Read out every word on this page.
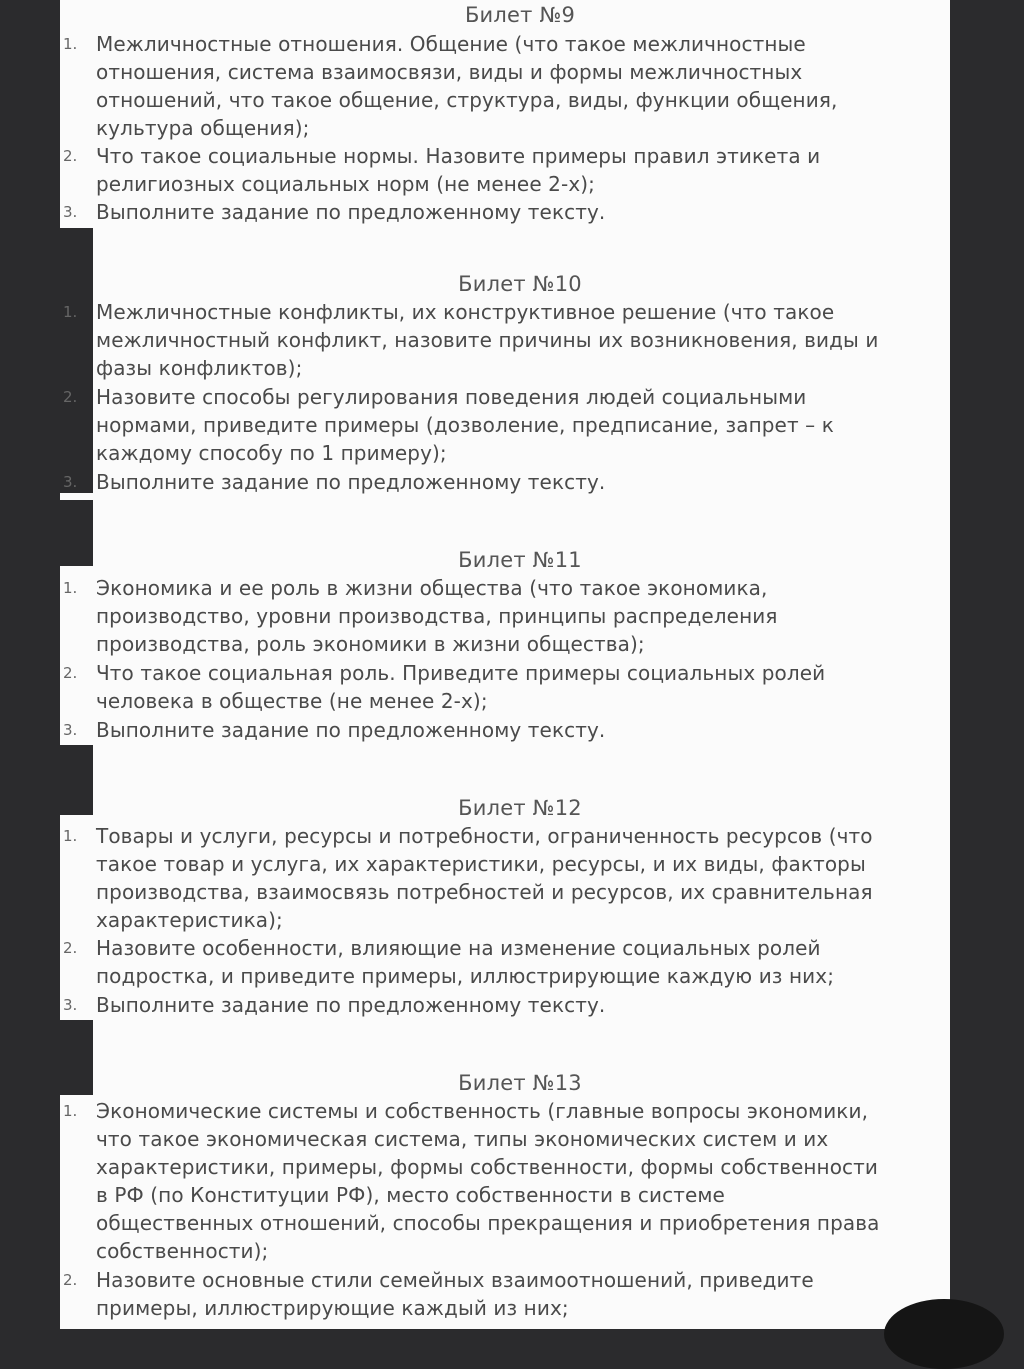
Билет №9
1. Межличностные отношения. Общение (что такое межличностные
отношения, система взаимосвязи, виды и формы межличностных
отношений, что такое общение, структура, виды, функции общения,
культура общения);
2. Что такое социальные нормы. Назовите примеры правил этикета и
религиозных социальных норм (не менее 2-х);
3. Выполните задание по предложенному тексту.
Билет №10
1. Межличностные конфликты, их конструктивное решение (что такое
межличностный конфликт, назовите причины их возникновения, виды и
фазы конфликтов);
2. Назовите способы регулирования поведения людей социальными
нормами, приведите примеры (дозволение, предписание, запрет – к
каждому способу по 1 примеру);
3. Выполните задание по предложенному тексту.
Билет №11
1. Экономика и ее роль в жизни общества (что такое экономика,
производство, уровни производства, принципы распределения
производства, роль экономики в жизни общества);
2. Что такое социальная роль. Приведите примеры социальных ролей
человека в обществе (не менее 2-х);
3. Выполните задание по предложенному тексту.
Билет №12
1. Товары и услуги, ресурсы и потребности, ограниченность ресурсов (что
такое товар и услуга, их характеристики, ресурсы, и их виды, факторы
производства, взаимосвязь потребностей и ресурсов, их сравнительная
характеристика);
2. Назовите особенности, влияющие на изменение социальных ролей
подростка, и приведите примеры, иллюстрирующие каждую из них;
3. Выполните задание по предложенному тексту.
Билет №13
1. Экономические системы и собственность (главные вопросы экономики,
что такое экономическая система, типы экономических систем и их
характеристики, примеры, формы собственности, формы собственности
в РФ (по Конституции РФ), место собственности в системе
общественных отношений, способы прекращения и приобретения права
собственности);
2. Назовите основные стили семейных взаимоотношений, приведите
примеры, иллюстрирующие каждый из них;
